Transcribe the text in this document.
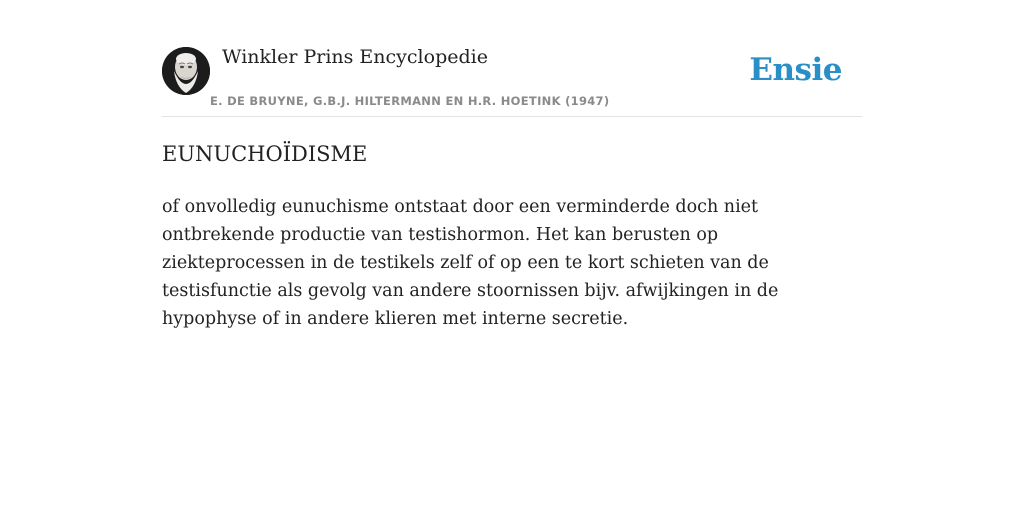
Winkler Prins Encyclopedie
E. DE BRUYNE, G.B.J. HILTERMANN EN H.R. HOETINK (1947)
Ensie
EUNUCHOÏDISME

of onvolledig eunuchisme ontstaat door een verminderde doch niet ontbrekende productie van testishormon. Het kan berusten op ziekteprocessen in de testikels zelf of op een te kort schieten van de testisfunctie als gevolg van andere stoornissen bijv. afwijkingen in de hypophyse of in andere klieren met interne secretie.
